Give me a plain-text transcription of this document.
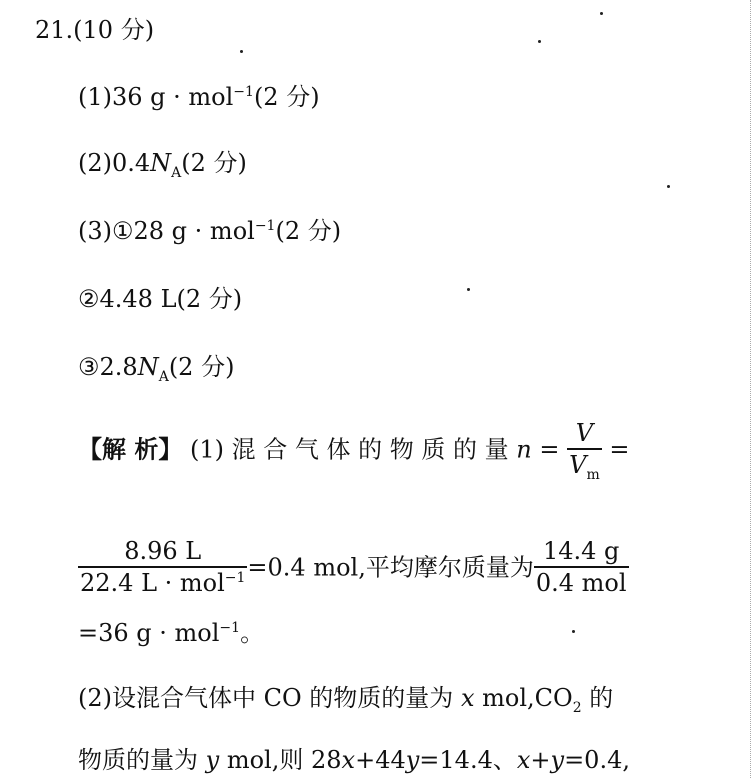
21.(10 分)
(1)36 g · mol$^{-1}$(2 分)
$(2)0.4N_A(2$ 分)
(3)①28 g · mol$^{-1}$(2 分)
②4.48 L(2 分)
$③2.8N_A(2$ 分)
【解 析】 (1) 混 合 气 体 的 物 质 的 量 $n = \frac{V}{V_m}$ =
$\frac{8.96 L}{22.4 L \cdot mol^{-1}} =0.4$ mol,平均摩尔质量为 $\frac{14.4 g}{\text{0.4 mol}}$
=36 g · mol$^{-1}$。
(2)设混合气体中 CO 的物质的量为 x $mol,CO_2$ 的
物质的量为 y mol,则 28x+44y=14.4、x+y=0.4,
